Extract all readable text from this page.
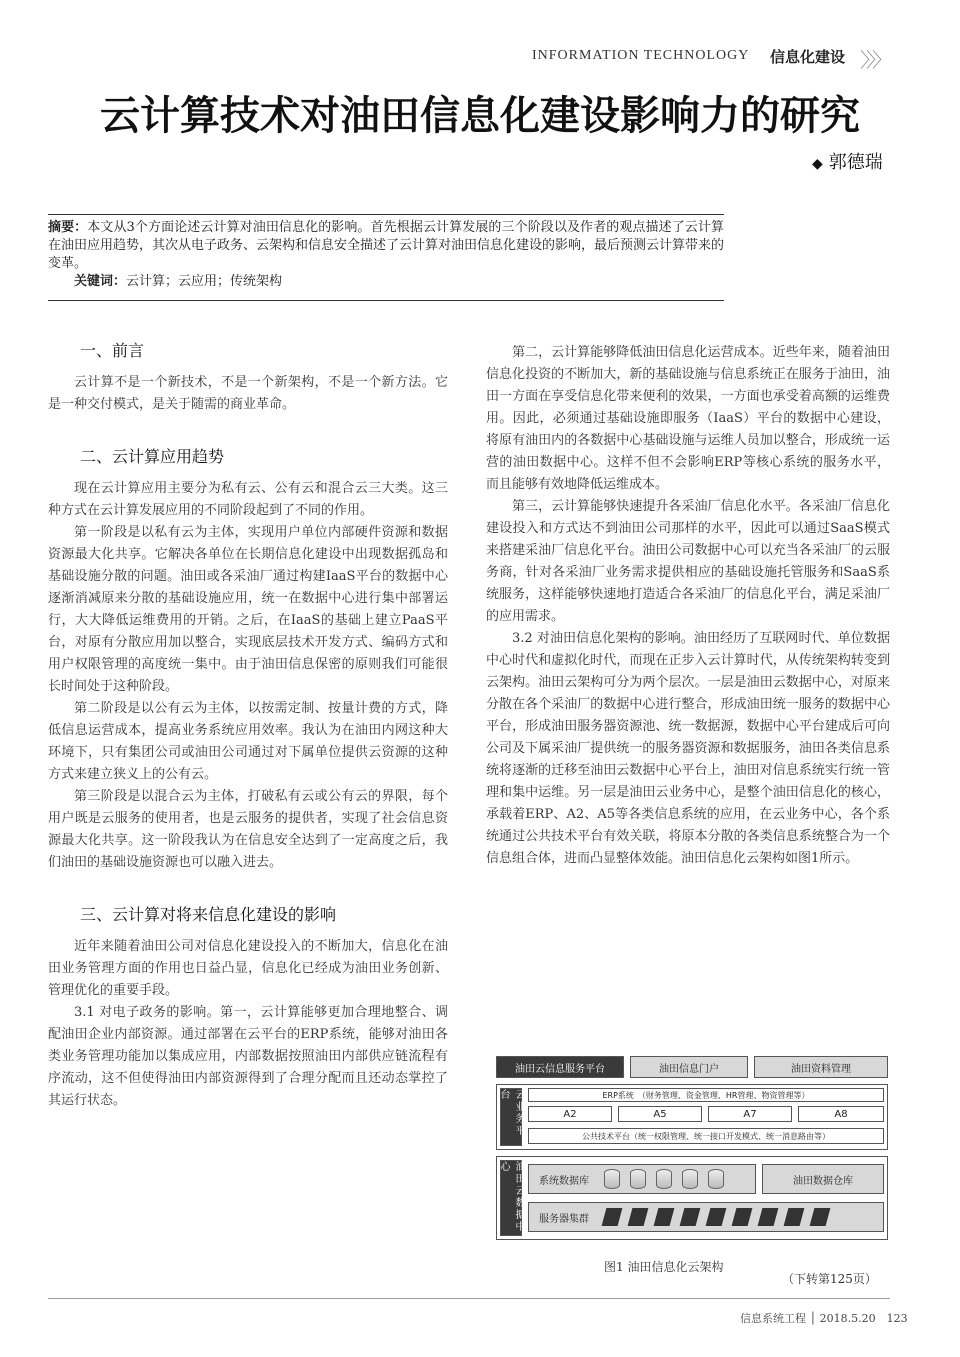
INFORMATION TECHNOLOGY 信息化建设 〉〉〉
云计算技术对油田信息化建设影响力的研究
◆ 郭德瑞
摘要：本文从3个方面论述云计算对油田信息化的影响。首先根据云计算发展的三个阶段以及作者的观点描述了云计算在油田应用趋势，其次从电子政务、云架构和信息安全描述了云计算对油田信息化建设的影响，最后预测云计算带来的变革。
关键词：云计算；云应用；传统架构
一、前言

云计算不是一个新技术，不是一个新架构，不是一个新方法。它是一种交付模式，是关于随需的商业革命。

二、云计算应用趋势

现在云计算应用主要分为私有云、公有云和混合云三大类。这三种方式在云计算发展应用的不同阶段起到了不同的作用。

第一阶段是以私有云为主体，实现用户单位内部硬件资源和数据资源最大化共享。它解决各单位在长期信息化建设中出现数据孤岛和基础设施分散的问题。油田或各采油厂通过构建IaaS平台的数据中心逐渐消减原来分散的基础设施应用，统一在数据中心进行集中部署运行，大大降低运维费用的开销。之后，在IaaS的基础上建立PaaS平台，对原有分散应用加以整合，实现底层技术开发方式、编码方式和用户权限管理的高度统一集中。由于油田信息保密的原则我们可能很长时间处于这种阶段。

第二阶段是以公有云为主体，以按需定制、按量计费的方式，降低信息运营成本，提高业务系统应用效率。我认为在油田内网这种大环境下，只有集团公司或油田公司通过对下属单位提供云资源的这种方式来建立狭义上的公有云。

第三阶段是以混合云为主体，打破私有云或公有云的界限，每个用户既是云服务的使用者，也是云服务的提供者，实现了社会信息资源最大化共享。这一阶段我认为在信息安全达到了一定高度之后，我们油田的基础设施资源也可以融入进去。

三、云计算对将来信息化建设的影响

近年来随着油田公司对信息化建设投入的不断加大，信息化在油田业务管理方面的作用也日益凸显，信息化已经成为油田业务创新、管理优化的重要手段。

3.1 对电子政务的影响。第一，云计算能够更加合理地整合、调配油田企业内部资源。通过部署在云平台的ERP系统，能够对油田各类业务管理功能加以集成应用，内部数据按照油田内部供应链流程有序流动，这不但使得油田内部资源得到了合理分配而且还动态掌控了其运行状态。

第二，云计算能够降低油田信息化运营成本。近些年来，随着油田信息化投资的不断加大，新的基础设施与信息系统正在服务于油田，油田一方面在享受信息化带来便利的效果，一方面也承受着高额的运维费用。因此，必须通过基础设施即服务（IaaS）平台的数据中心建设，将原有油田内的各数据中心基础设施与运维人员加以整合，形成统一运营的油田数据中心。这样不但不会影响ERP等核心系统的服务水平，而且能够有效地降低运维成本。

第三，云计算能够快速提升各采油厂信息化水平。各采油厂信息化建设投入和方式达不到油田公司那样的水平，因此可以通过SaaS模式来搭建采油厂信息化平台。油田公司数据中心可以充当各采油厂的云服务商，针对各采油厂业务需求提供相应的基础设施托管服务和SaaS系统服务，这样能够快速地打造适合各采油厂的信息化平台，满足采油厂的应用需求。

3.2 对油田信息化架构的影响。油田经历了互联网时代、单位数据中心时代和虚拟化时代，而现在正步入云计算时代，从传统架构转变到云架构。油田云架构可分为两个层次。一层是油田云数据中心，对原来分散在各个采油厂的数据中心进行整合，形成油田统一服务的数据中心平台，形成油田服务器资源池、统一数据源，数据中心平台建成后可向公司及下属采油厂提供统一的服务器资源和数据服务，油田各类信息系统将逐渐的迁移至油田云数据中心平台上，油田对信息系统实行统一管理和集中运维。另一层是油田云业务中心，是整个油田信息化的核心，承载着ERP、A2、A5等各类信息系统的应用，在云业务中心，各个系统通过公共技术平台有效关联，将原本分散的各类信息系统整合为一个信息组合体，进而凸显整体效能。油田信息化云架构如图1所示。

油田云信息服务平台	油田信息门户	油田资料管理
云业务平台	ERP系统　（财务管理、资金管理、HR管理、物资管理等）
A2	A5	A7	A8
公共技术平台（统一权限管理、统一接口开发模式、统一消息路由等）
油田云数据中心
系统数据库	油田数据仓库
服务器集群
图1 油田信息化云架构
（下转第125页）
信息系统工程 │ 2018.5.20　123
